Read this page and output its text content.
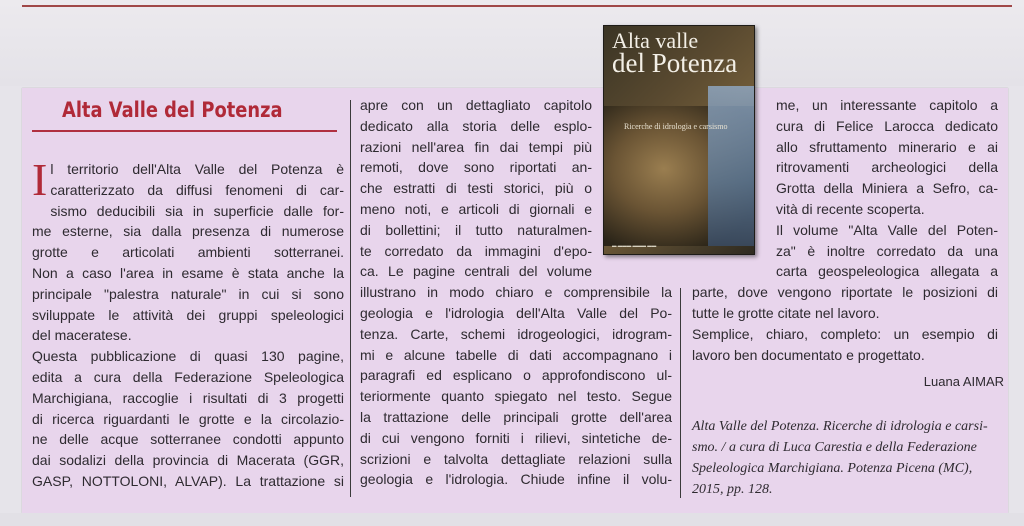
Alta Valle del Potenza
I l territorio dell'Alta Valle del Potenza è
caratterizzato da diffusi fenomeni di car-
sismo deducibili sia in superficie dalle for-
me esterne, sia dalla presenza di numerose
grotte e articolati ambienti sotterranei.
Non a caso l'area in esame è stata anche la
principale "palestra naturale" in cui si sono
sviluppate le attività dei gruppi speleologici
del maceratese.
Questa pubblicazione di quasi 130 pagine,
edita a cura della Federazione Speleologica
Marchigiana, raccoglie i risultati di 3 progetti
di ricerca riguardanti le grotte e la circolazio-
ne delle acque sotterranee condotti appunto
dai sodalizi della provincia di Macerata (GGR,
GASP, NOTTOLONI, ALVAP). La trattazione si
apre con un dettagliato capitolo
dedicato alla storia delle esplo-
razioni nell'area fin dai tempi più
remoti, dove sono riportati an-
che estratti di testi storici, più o
meno noti, e articoli di giornali e
di bollettini; il tutto naturalmen-
te corredato da immagini d'epo-
ca. Le pagine centrali del volume
illustrano in modo chiaro e comprensibile la
geologia e l'idrologia dell'Alta Valle del Po-
tenza. Carte, schemi idrogeologici, idrogram-
mi e alcune tabelle di dati accompagnano i
paragrafi ed esplicano o approfondiscono ul-
teriormente quanto spiegato nel testo. Segue
la trattazione delle principali grotte dell'area
di cui vengono forniti i rilievi, sintetiche de-
scrizioni e talvolta dettagliate relazioni sulla
geologia e l'idrologia. Chiude infine il volu-
me, un interessante capitolo a
cura di Felice Larocca dedicato
allo sfruttamento minerario e ai
ritrovamenti archeologici della
Grotta della Miniera a Sefro, ca-
vità di recente scoperta.
Il volume "Alta Valle del Poten-
za" è inoltre corredato da una
carta geospeleologica allegata a
parte, dove vengono riportate le posizioni di
tutte le grotte citate nel lavoro.
Semplice, chiaro, completo: un esempio di
lavoro ben documentato e progettato.

Luana AIMAR

Alta Valle del Potenza. Ricerche di idrologia e carsi-
smo. / a cura di Luca Carestia e della Federazione
Speleologica Marchigiana. Potenza Picena (MC),
2015, pp. 128.

Alta valle
del Potenza

Ricerche di idrologia e carsismo
▬ ▬▬▬ ▬▬▬ ▬▬
